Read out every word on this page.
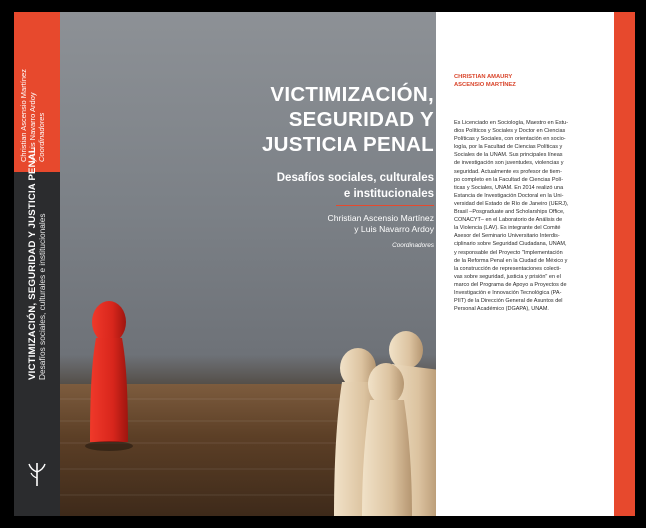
Christian Ascensio Martínez y Luis Navarro Ardoy Coordinadores
VICTIMIZACIÓN, SEGURIDAD Y JUSTICIA PENAL Desafíos sociales, culturales e institucionales
VICTIMIZACIÓN,
SEGURIDAD Y
JUSTICIA PENAL
Desafíos sociales, culturales
e institucionales
Christian Ascensio Martínez
y Luis Navarro Ardoy
Coordinadores
CHRISTIAN AMAURY
ASCENSIO MARTÍNEZ
Es Licenciado en Sociología, Maestro en Estu-
dios Políticos y Sociales y Doctor en Ciencias
Políticas y Sociales, con orientación en socio-
logía, por la Facultad de Ciencias Políticas y
Sociales de la UNAM. Sus principales líneas
de investigación son juventudes, violencias y
seguridad. Actualmente es profesor de tiem-
po completo en la Facultad de Ciencias Polí-
ticas y Sociales, UNAM. En 2014 realizó una
Estancia de Investigación Doctoral en la Uni-
versidad del Estado de Río de Janeiro (UERJ),
Brasil –Posgraduate and Scholarships Office,
CONACYT– en el Laboratorio de Análisis de
la Violencia (LAV). Es integrante del Comité
Asesor del Seminario Universitario Interdis-
ciplinario sobre Seguridad Ciudadana, UNAM,
y responsable del Proyecto "Implementación
de la Reforma Penal en la Ciudad de México y
la construcción de representaciones colecti-
vas sobre seguridad, justicia y prisión" en el
marco del Programa de Apoyo a Proyectos de
Investigación e Innovación Tecnológica (PA-
PIIT) de la Dirección General de Asuntos del
Personal Académico (DGAPA), UNAM.
